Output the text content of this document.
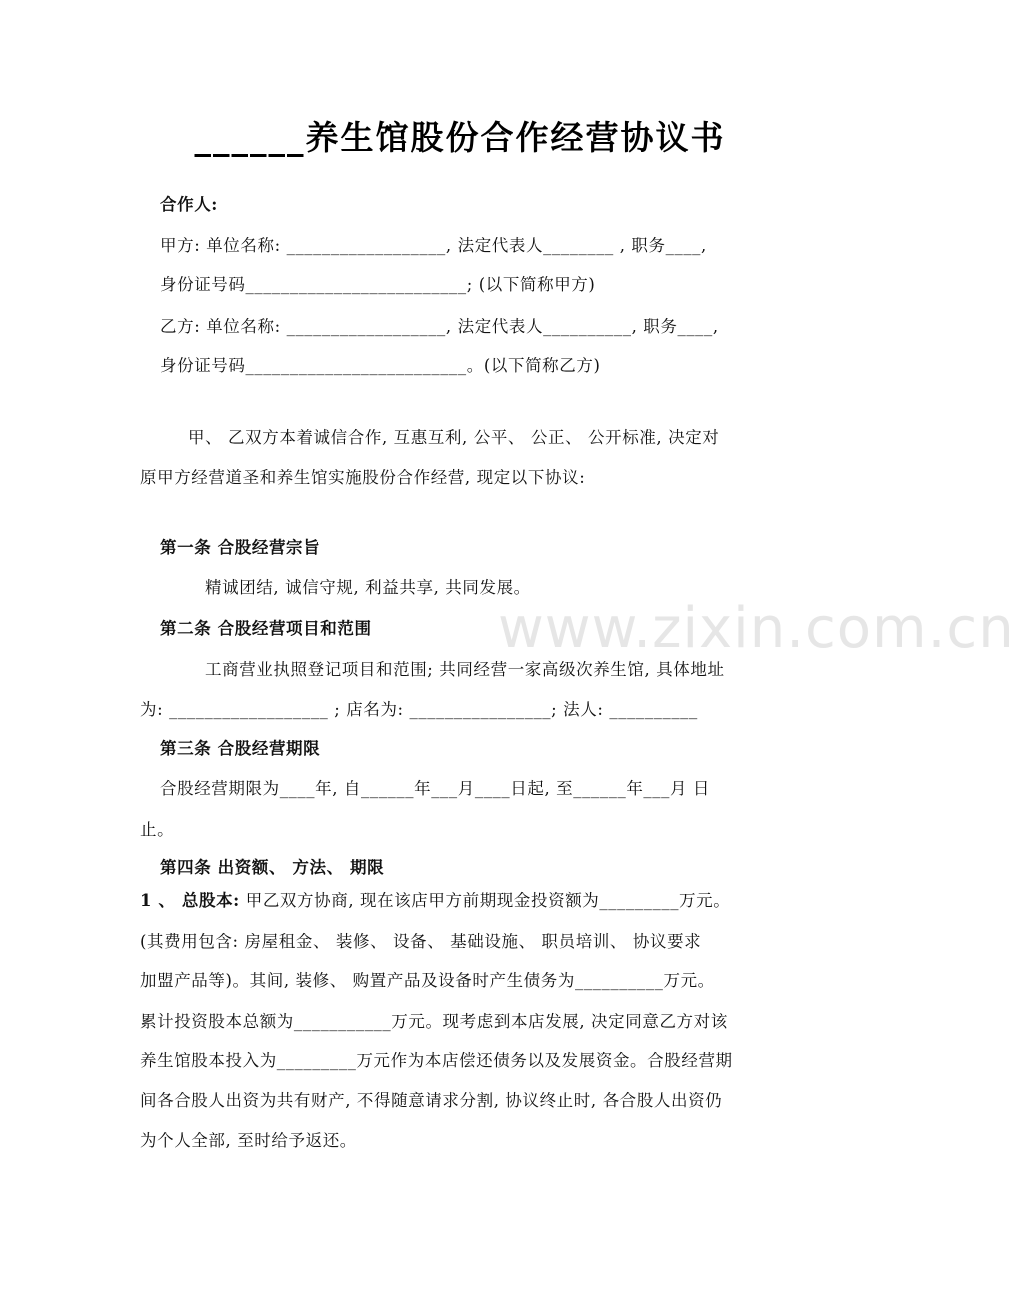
www.zixin.com.cn
______养生馆股份合作经营协议书
合作人:
甲方: 单位名称: __________________, 法定代表人________ , 职务____,
身份证号码_________________________; (以下简称甲方)
乙方: 单位名称: __________________, 法定代表人__________, 职务____,
身份证号码_________________________。(以下简称乙方)
甲、 乙双方本着诚信合作, 互惠互利, 公平、 公正、 公开标准, 决定对
原甲方经营道圣和养生馆实施股份合作经营, 现定以下协议:
第一条 合股经营宗旨
精诚团结, 诚信守规, 利益共享, 共同发展。
第二条 合股经营项目和范围
工商营业执照登记项目和范围; 共同经营一家高级次养生馆, 具体地址
为: __________________ ; 店名为: ________________; 法人: __________
第三条 合股经营期限
合股经营期限为____年, 自______年___月____日起, 至______年___月 日
止。
第四条 出资额、 方法、 期限
1 、 总股本: 甲乙双方协商, 现在该店甲方前期现金投资额为_________万元。
(其费用包含: 房屋租金、 装修、 设备、 基础设施、 职员培训、 协议要求
加盟产品等)。其间, 装修、 购置产品及设备时产生债务为__________万元。
累计投资股本总额为___________万元。现考虑到本店发展, 决定同意乙方对该
养生馆股本投入为_________万元作为本店偿还债务以及发展资金。合股经营期
间各合股人出资为共有财产, 不得随意请求分割, 协议终止时, 各合股人出资仍
为个人全部, 至时给予返还。
